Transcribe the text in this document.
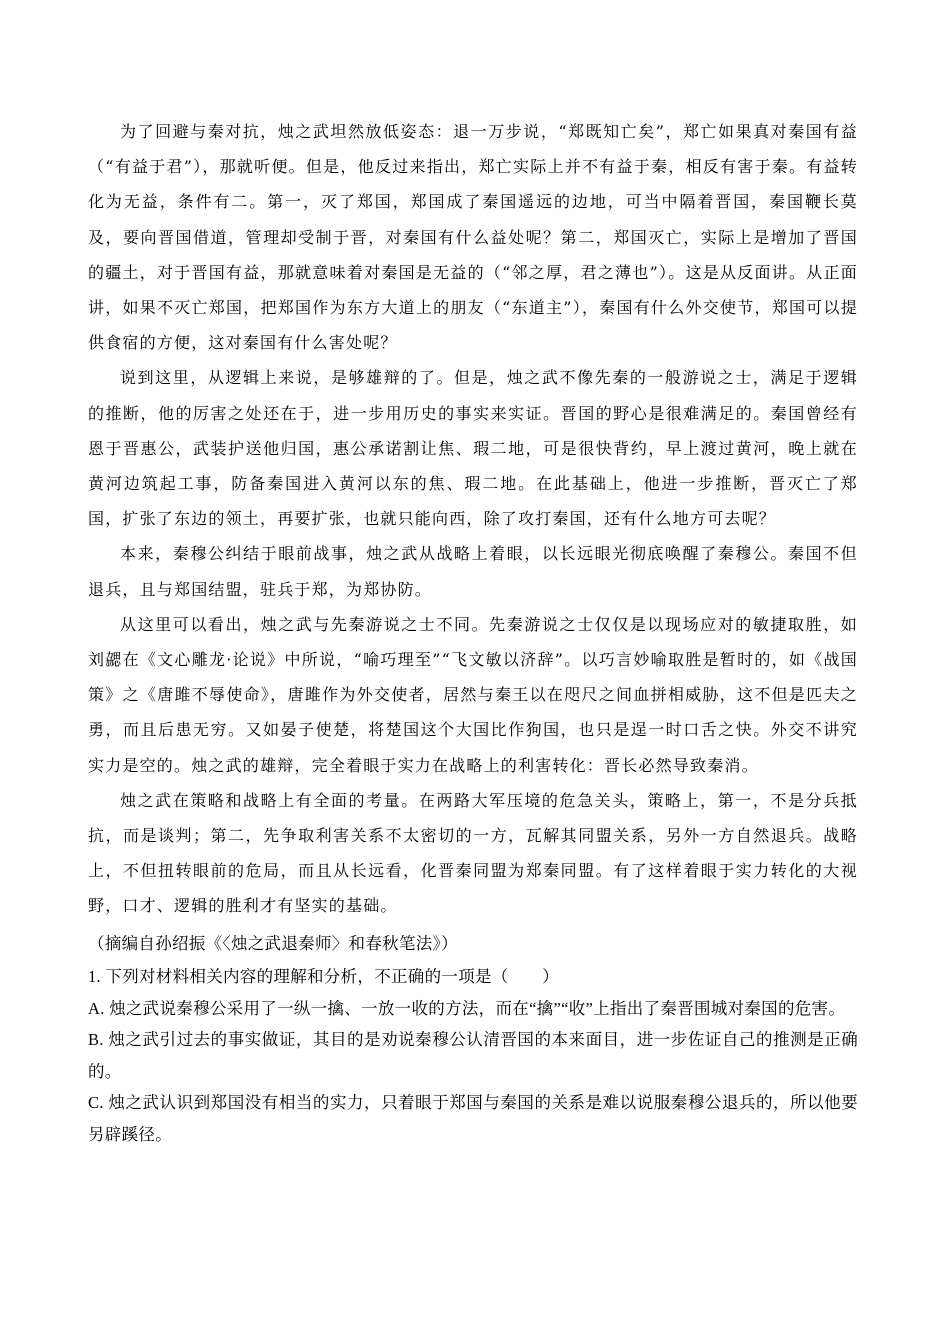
为了回避与秦对抗，烛之武坦然放低姿态：退一万步说，“郑既知亡矣”，郑亡如果真对秦国有益（“有益于君”），那就听便。但是，他反过来指出，郑亡实际上并不有益于秦，相反有害于秦。有益转化为无益，条件有二。第一，灭了郑国，郑国成了秦国遥远的边地，可当中隔着晋国，秦国鞭长莫及，要向晋国借道，管理却受制于晋，对秦国有什么益处呢？第二，郑国灭亡，实际上是增加了晋国的疆土，对于晋国有益，那就意味着对秦国是无益的（“邻之厚，君之薄也”）。这是从反面讲。从正面讲，如果不灭亡郑国，把郑国作为东方大道上的朋友（“东道主”），秦国有什么外交使节，郑国可以提供食宿的方便，这对秦国有什么害处呢？

说到这里，从逻辑上来说，是够雄辩的了。但是，烛之武不像先秦的一般游说之士，满足于逻辑的推断，他的厉害之处还在于，进一步用历史的事实来实证。晋国的野心是很难满足的。秦国曾经有恩于晋惠公，武装护送他归国，惠公承诺割让焦、瑕二地，可是很快背约，早上渡过黄河，晚上就在黄河边筑起工事，防备秦国进入黄河以东的焦、瑕二地。在此基础上，他进一步推断，晋灭亡了郑国，扩张了东边的领土，再要扩张，也就只能向西，除了攻打秦国，还有什么地方可去呢？

本来，秦穆公纠结于眼前战事，烛之武从战略上着眼，以长远眼光彻底唤醒了秦穆公。秦国不但退兵，且与郑国结盟，驻兵于郑，为郑协防。

从这里可以看出，烛之武与先秦游说之士不同。先秦游说之士仅仅是以现场应对的敏捷取胜，如刘勰在《文心雕龙·论说》中所说，“喻巧理至”“飞文敏以济辞”。以巧言妙喻取胜是暂时的，如《战国策》之《唐雎不辱使命》，唐雎作为外交使者，居然与秦王以在咫尺之间血拼相威胁，这不但是匹夫之勇，而且后患无穷。又如晏子使楚，将楚国这个大国比作狗国，也只是逞一时口舌之快。外交不讲究实力是空的。烛之武的雄辩，完全着眼于实力在战略上的利害转化：晋长必然导致秦消。

烛之武在策略和战略上有全面的考量。在两路大军压境的危急关头，策略上，第一，不是分兵抵抗，而是谈判；第二，先争取利害关系不太密切的一方，瓦解其同盟关系，另外一方自然退兵。战略上，不但扭转眼前的危局，而且从长远看，化晋秦同盟为郑秦同盟。有了这样着眼于实力转化的大视野，口才、逻辑的胜利才有坚实的基础。

（摘编自孙绍振《〈烛之武退秦师〉和春秋笔法》）

1. 下列对材料相关内容的理解和分析，不正确的一项是（　　）

A. 烛之武说秦穆公采用了一纵一擒、一放一收的方法，而在“擒”“收”上指出了秦晋围城对秦国的危害。

B. 烛之武引过去的事实做证，其目的是劝说秦穆公认清晋国的本来面目，进一步佐证自己的推测是正确的。

C. 烛之武认识到郑国没有相当的实力，只着眼于郑国与秦国的关系是难以说服秦穆公退兵的，所以他要另辟蹊径。
